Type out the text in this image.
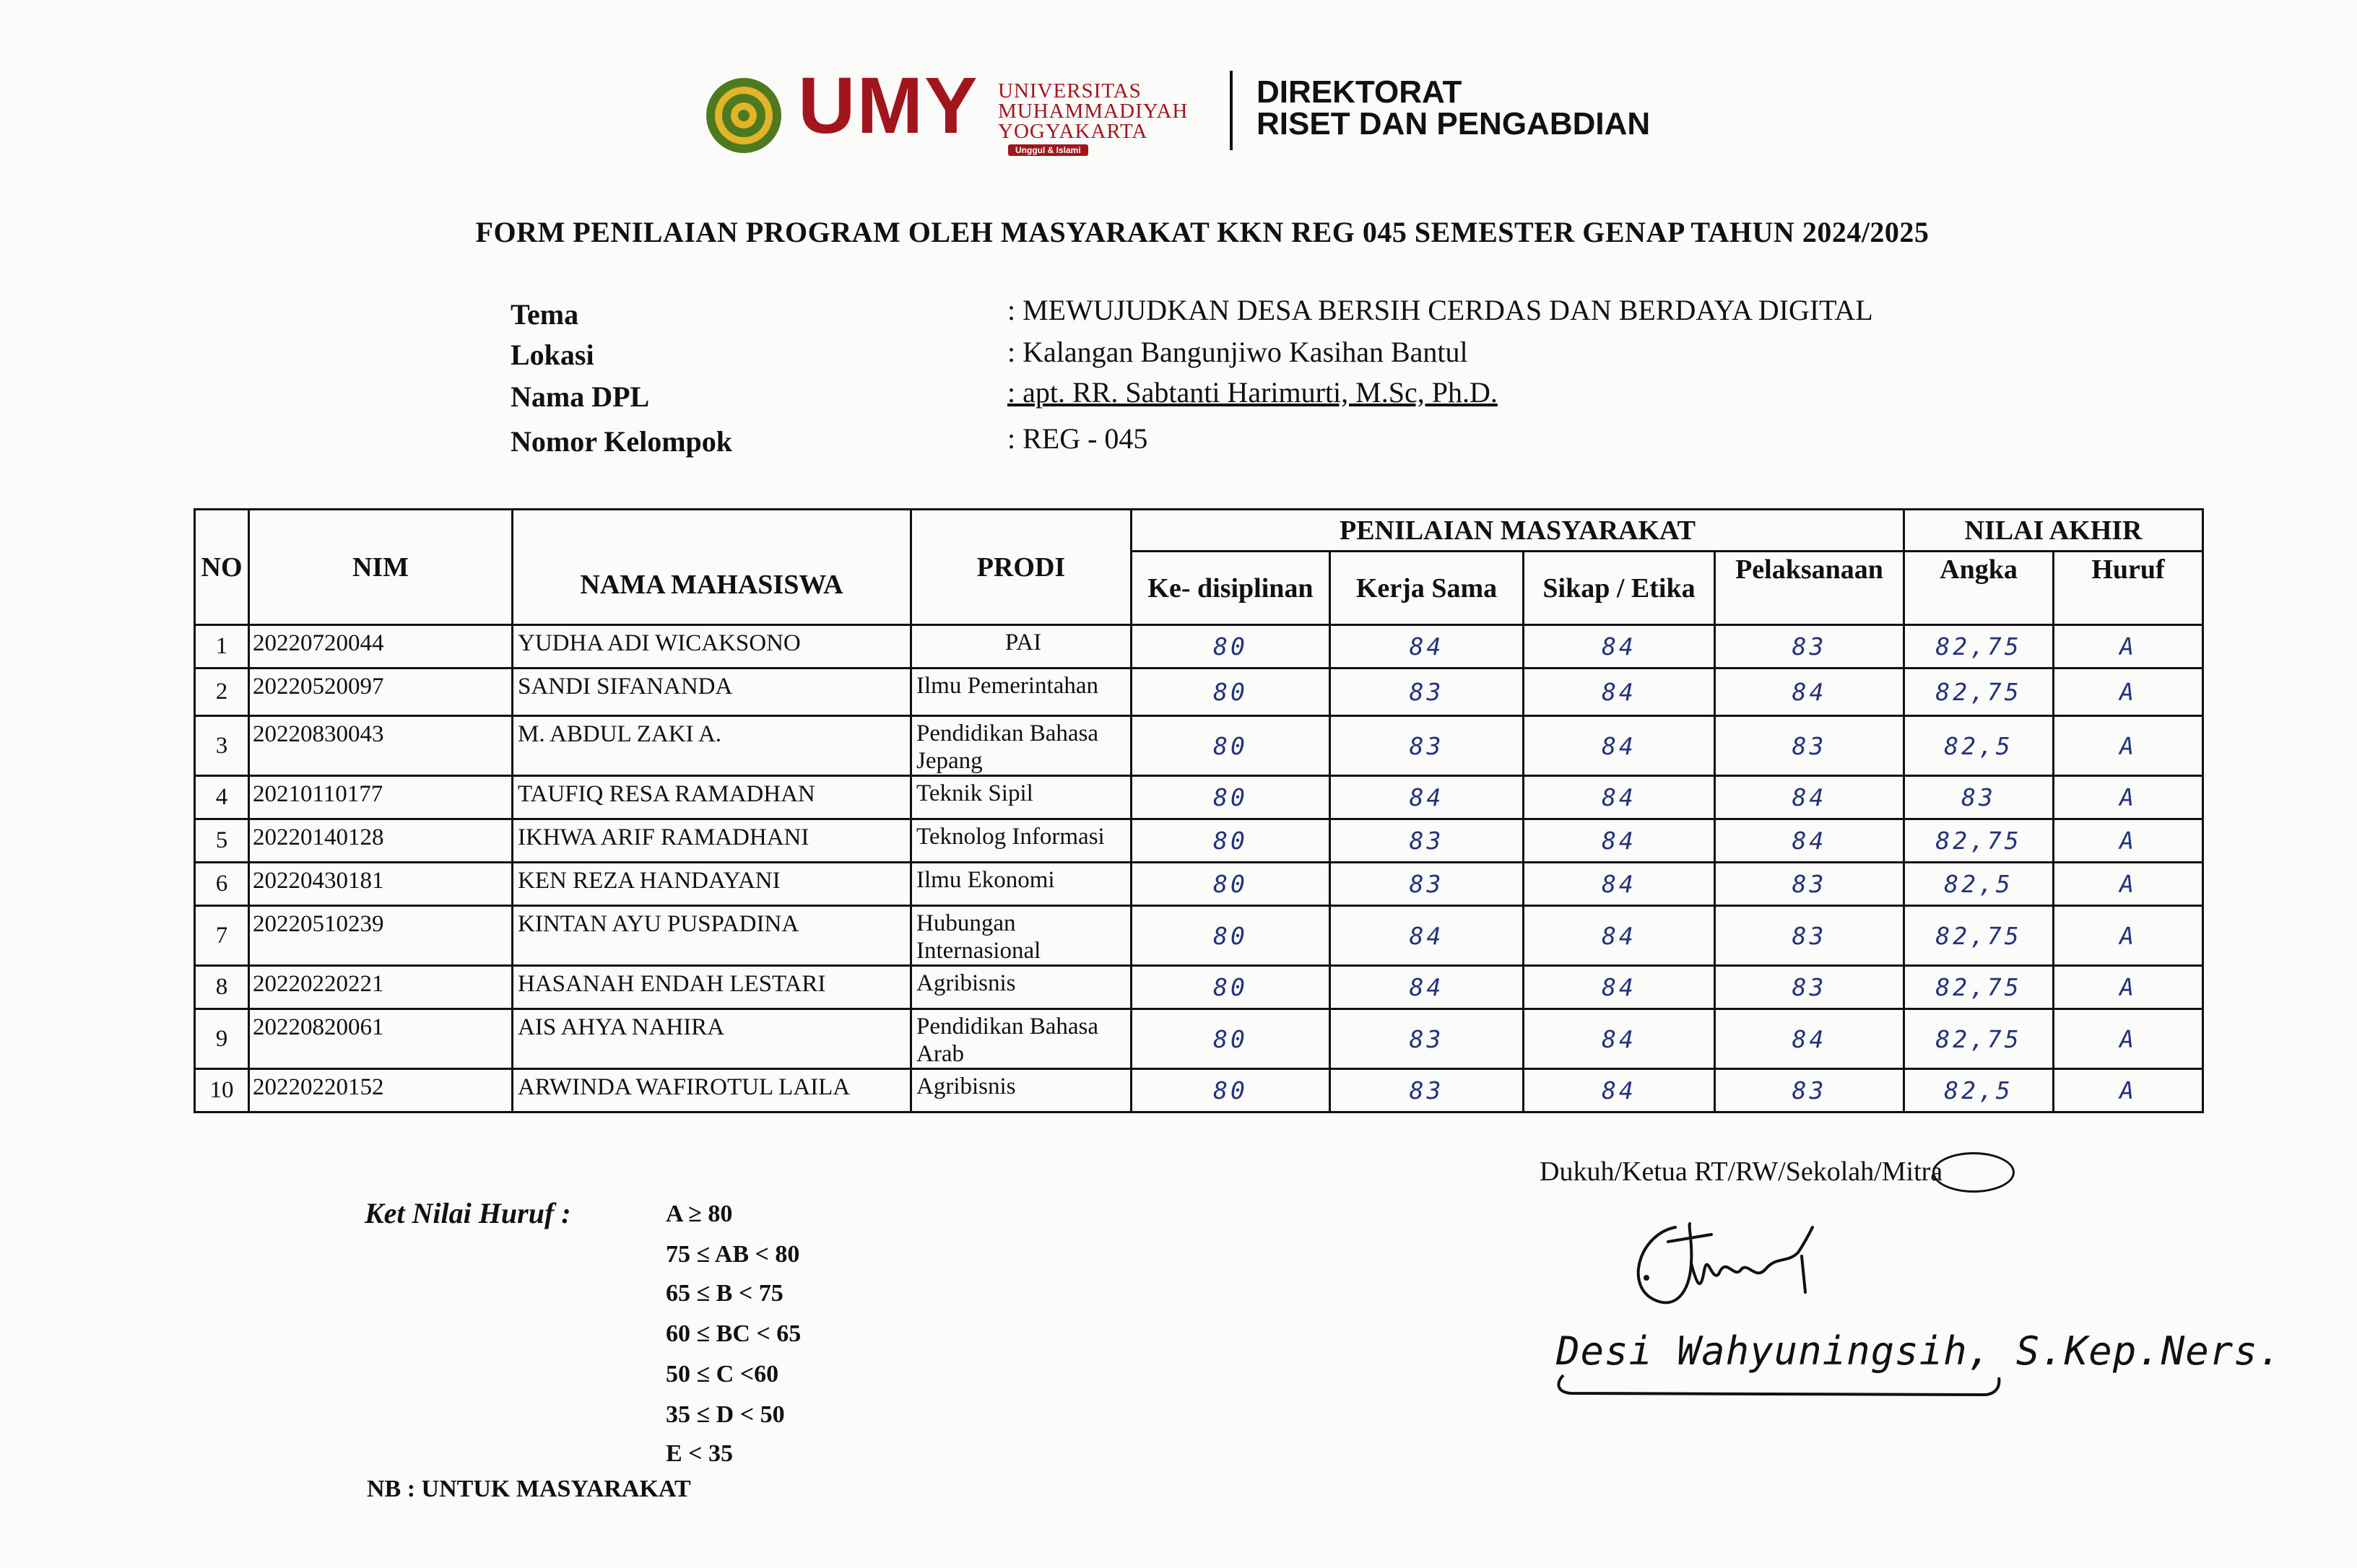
UMY UNIVERSITAS
MUHAMMADIYAH
YOGYAKARTA
Unggul & Islami
DIREKTORAT
RISET DAN PENGABDIAN
FORM PENILAIAN PROGRAM OLEH MASYARAKAT KKN REG 045 SEMESTER GENAP TAHUN 2024/2025
Tema	: MEWUJUDKAN DESA BERSIH CERDAS DAN BERDAYA DIGITAL
Lokasi	: Kalangan Bangunjiwo Kasihan Bantul
Nama DPL	: apt. RR. Sabtanti Harimurti, M.Sc, Ph.D.
Nomor Kelompok	: REG - 045
NO	NIM	NAMA MAHASISWA	PRODI	PENILAIAN MASYARAKAT				NILAI AKHIR	
				Ke- disiplinan	Kerja Sama	Sikap / Etika	Pelaksanaan	Angka	Huruf
1	20220720044	YUDHA ADI WICAKSONO	PAI	80	84	84	83	82,75	A
2	20220520097	SANDI SIFANANDA	Ilmu Pemerintahan	80	83	84	84	82,75	A
3	20220830043	M. ABDUL ZAKI A.	Pendidikan Bahasa Jepang	80	83	84	83	82,5	A
4	20210110177	TAUFIQ RESA RAMADHAN	Teknik Sipil	80	84	84	84	83	A
5	20220140128	IKHWA ARIF RAMADHANI	Teknolog Informasi	80	83	84	84	82,75	A
6	20220430181	KEN REZA HANDAYANI	Ilmu Ekonomi	80	83	84	83	82,5	A
7	20220510239	KINTAN AYU PUSPADINA	Hubungan Internasional	80	84	84	83	82,75	A
8	20220220221	HASANAH ENDAH LESTARI	Agribisnis	80	84	84	83	82,75	A
9	20220820061	AIS AHYA NAHIRA	Pendidikan Bahasa Arab	80	83	84	84	82,75	A
10	20220220152	ARWINDA WAFIROTUL LAILA	Agribisnis	80	83	84	83	82,5	A
Ket Nilai Huruf :	A ≥ 80
75 ≤ AB < 80
65 ≤ B < 75
60 ≤ BC < 65
50 ≤ C <60
35 ≤ D < 50
E < 35
NB : UNTUK MASYARAKAT
Dukuh/Ketua RT/RW/Sekolah/Mitra
Desi Wahyuningsih, S.Kep.Ners.
